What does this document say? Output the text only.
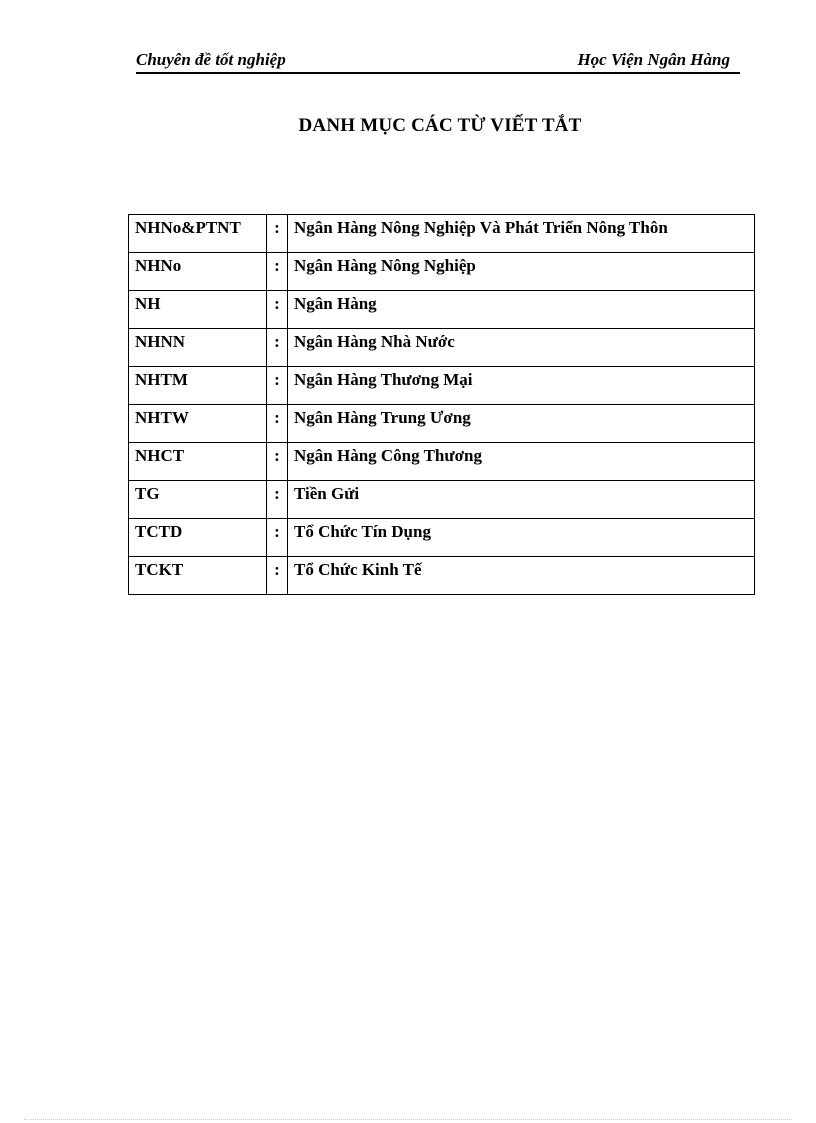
Chuyên đề tốt nghiệp	Học Viện Ngân Hàng
DANH MỤC CÁC TỪ VIẾT TẮT
NHNo&PTNT	:	Ngân Hàng Nông Nghiệp Và Phát Triển Nông Thôn
NHNo	:	Ngân Hàng Nông Nghiệp
NH	:	Ngân Hàng
NHNN	:	Ngân Hàng Nhà Nước
NHTM	:	Ngân Hàng Thương Mại
NHTW	:	Ngân Hàng Trung Ương
NHCT	:	Ngân Hàng Công Thương
TG	:	Tiền Gửi
TCTD	:	Tổ Chức Tín Dụng
TCKT	:	Tổ Chức Kinh Tế
